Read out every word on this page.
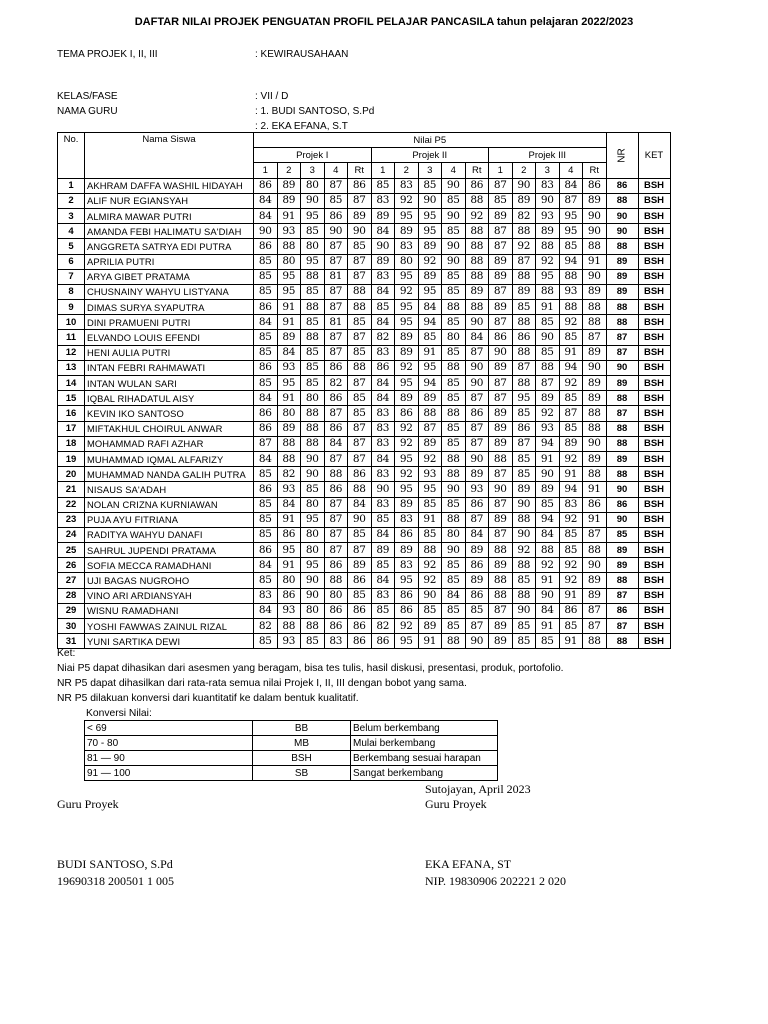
DAFTAR NILAI PROJEK PENGUATAN PROFIL PELAJAR PANCASILA tahun pelajaran 2022/2023
TEMA PROJEK I, II, III	: KEWIRAUSAHAAN
KELAS/FASE	: VII / D
NAMA GURU	: 1. BUDI SANTOSO, S.Pd
: 2. EKA EFANA, S.T
No.	Nama Siswa	Nilai P5															NR	KET
		Projek I					Projek II					Projek III						
		1	2	3	4	Rt	1	2	3	4	Rt	1	2	3	4	Rt		
1	AKHRAM DAFFA WASHIL HIDAYAH	86	89	80	87	86	85	83	85	90	86	87	90	83	84	86	86	BSH
2	ALIF NUR EGIANSYAH	84	89	90	85	87	83	92	90	85	88	85	89	90	87	89	88	BSH
3	ALMIRA MAWAR PUTRI	84	91	95	86	89	89	95	95	90	92	89	82	93	95	90	90	BSH
4	AMANDA FEBI HALIMATU SA'DIAH	90	93	85	90	90	84	89	95	85	88	87	88	89	95	90	90	BSH
5	ANGGRETA SATRYA EDI PUTRA	86	88	80	87	85	90	83	89	90	88	87	92	88	85	88	88	BSH
6	APRILIA PUTRI	85	80	95	87	87	89	80	92	90	88	89	87	92	94	91	89	BSH
7	ARYA GIBET PRATAMA	85	95	88	81	87	83	95	89	85	88	89	88	95	88	90	89	BSH
8	CHUSNAINY WAHYU LISTYANA	85	95	85	87	88	84	92	95	85	89	87	89	88	93	89	89	BSH
9	DIMAS SURYA SYAPUTRA	86	91	88	87	88	85	95	84	88	88	89	85	91	88	88	88	BSH
10	DINI PRAMUENI PUTRI	84	91	85	81	85	84	95	94	85	90	87	88	85	92	88	88	BSH
11	ELVANDO LOUIS EFENDI	85	89	88	87	87	82	89	85	80	84	86	86	90	85	87	87	BSH
12	HENI AULIA PUTRI	85	84	85	87	85	83	89	91	85	87	90	88	85	91	89	87	BSH
13	INTAN FEBRI RAHMAWATI	86	93	85	86	88	86	92	95	88	90	89	87	88	94	90	90	BSH
14	INTAN WULAN SARI	85	95	85	82	87	84	95	94	85	90	87	88	87	92	89	89	BSH
15	IQBAL RIHADATUL AISY	84	91	80	86	85	84	89	89	85	87	87	95	89	85	89	88	BSH
16	KEVIN IKO SANTOSO	86	80	88	87	85	83	86	88	88	86	89	85	92	87	88	87	BSH
17	MIFTAKHUL CHOIRUL ANWAR	86	89	88	86	87	83	92	87	85	87	89	86	93	85	88	88	BSH
18	MOHAMMAD RAFI AZHAR	87	88	88	84	87	83	92	89	85	87	89	87	94	89	90	88	BSH
19	MUHAMMAD IQMAL ALFARIZY	84	88	90	87	87	84	95	92	88	90	88	85	91	92	89	89	BSH
20	MUHAMMAD NANDA GALIH PUTRA	85	82	90	88	86	83	92	93	88	89	87	85	90	91	88	88	BSH
21	NISAUS SA'ADAH	86	93	85	86	88	90	95	95	90	93	90	89	89	94	91	90	BSH
22	NOLAN CRIZNA KURNIAWAN	85	84	80	87	84	83	89	85	85	86	87	90	85	83	86	86	BSH
23	PUJA AYU FITRIANA	85	91	95	87	90	85	83	91	88	87	89	88	94	92	91	90	BSH
24	RADITYA WAHYU DANAFI	85	86	80	87	85	84	86	85	80	84	87	90	84	85	87	85	BSH
25	SAHRUL JUPENDI PRATAMA	86	95	80	87	87	89	89	88	90	89	88	92	88	85	88	89	BSH
26	SOFIA MECCA RAMADHANI	84	91	95	86	89	85	83	92	85	86	89	88	92	92	90	89	BSH
27	UJI BAGAS NUGROHO	85	80	90	88	86	84	95	92	85	89	88	85	91	92	89	88	BSH
28	VINO ARI ARDIANSYAH	83	86	90	80	85	83	86	90	84	86	88	88	90	91	89	87	BSH
29	WISNU RAMADHANI	84	93	80	86	86	85	86	85	85	85	87	90	84	86	87	86	BSH
30	YOSHI FAWWAS ZAINUL RIZAL	82	88	88	86	86	82	92	89	85	87	89	85	91	85	87	87	BSH
31	YUNI SARTIKA DEWI	85	93	85	83	86	86	95	91	88	90	89	85	85	91	88	88	BSH
Ket:
Niai P5 dapat dihasikan dari asesmen yang beragam, bisa tes tulis, hasil diskusi, presentasi, produk, portofolio.
NR P5 dapat dihasilkan dari rata-rata semua nilai Projek I, II, III dengan bobot yang sama.
NR P5 dilakuan konversi dari kuantitatif ke dalam bentuk kualitatif.
Konversi Nilai:
< 69	BB	Belum berkembang
70 - 80	MB	Mulai berkembang
81 — 90	BSH	Berkembang sesuai harapan
91 — 100	SB	Sangat berkembang
Sutojayan, April 2023
Guru Proyek	Guru Proyek
BUDI SANTOSO, S.Pd
19690318 200501 1 005
EKA EFANA, ST
NIP. 19830906 202221 2 020
